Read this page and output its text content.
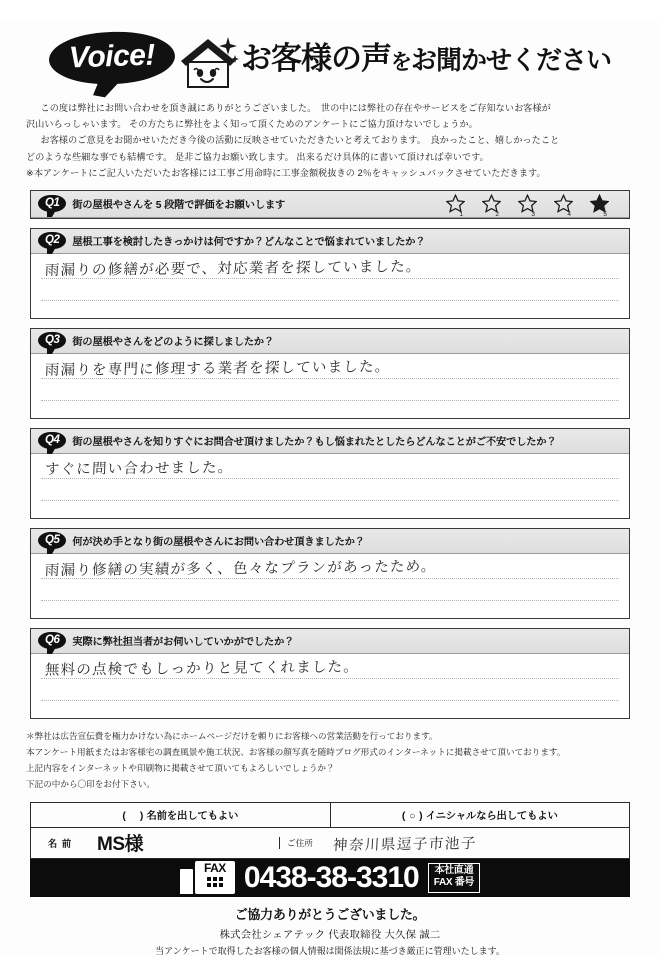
Voice!	お客様の声をお聞かせください

この度は弊社にお問い合わせを頂き誠にありがとうございました。　世の中には弊社の存在やサービスをご存知ないお客様が

沢山いらっしゃいます。 その方たちに弊社をよく知って頂くためのアンケートにご協力頂けないでしょうか。

お客様のご意見をお聞かせいただき今後の活動に反映させていただきたいと考えております。　良かったこと、嬉しかったこと

どのような些細な事でも結構です。 是非ご協力お願い致します。 出来るだけ具体的に書いて頂ければ幸いです。

※本アンケートにご記入いただいたお客様には工事ご用命時に工事金額税抜きの 2％をキャッシュバックさせていただきます。

Q1	街の屋根やさんを 5 段階で評価をお願いします
1	2	3	4	5
Q2	屋根工事を検討したきっかけは何ですか？どんなことで悩まれていましたか？
雨漏りの修繕が必要で、対応業者を探していました。
Q3	街の屋根やさんをどのように探しましたか？
雨漏りを専門に修理する業者を探していました。
Q4	街の屋根やさんを知りすぐにお問合せ頂けましたか？もし悩まれたとしたらどんなことがご不安でしたか？
すぐに問い合わせました。
Q5	何が決め手となり街の屋根やさんにお問い合わせ頂きましたか？
雨漏り修繕の実績が多く、色々なプランがあったため。
Q6	実際に弊社担当者がお伺いしていかがでしたか？
無料の点検でもしっかりと見てくれました。

＊弊社は広告宣伝費を極力かけない為にホームページだけを頼りにお客様への営業活動を行っております。

本アンケート用紙またはお客様宅の調査風景や施工状況、お客様の顔写真を随時ブログ形式のインターネットに掲載させて頂いております。

上記内容をインターネットや印刷物に掲載させて頂いてもよろしいでしょうか？

下記の中から〇印をお付下さい。

(    ) 名前を出してもよい	( ○ ) イニシャルなら出してもよい
名 前	MS様	ご住所	神奈川県逗子市池子
FAX 0438-38-3310	本社直通
FAX 番号
ご協力ありがとうございました。
株式会社シェアテック 代表取締役 大久保 誠二
当アンケートで取得したお客様の個人情報は関係法規に基づき厳正に管理いたします。
